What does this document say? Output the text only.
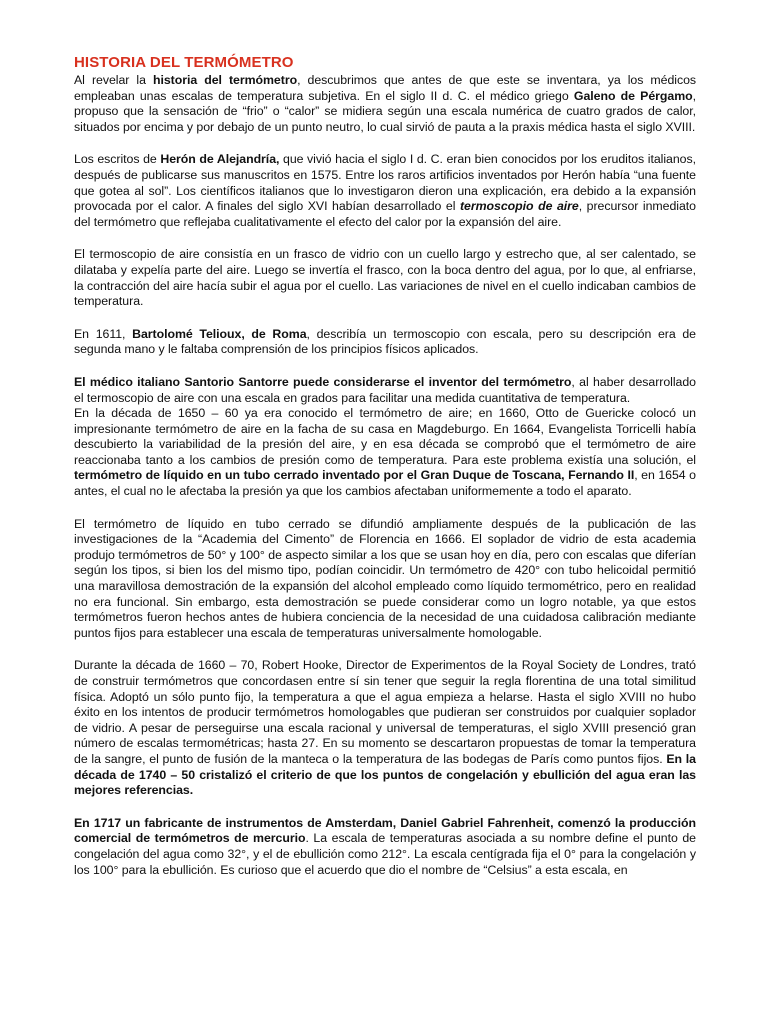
HISTORIA DEL TERMÓMETRO

Al revelar la historia del termómetro, descubrimos que antes de que este se inventara, ya los médicos empleaban unas escalas de temperatura subjetiva. En el siglo II d. C. el médico griego Galeno de Pérgamo, propuso que la sensación de “frio” o “calor” se midiera según una escala numérica de cuatro grados de calor, situados por encima y por debajo de un punto neutro, lo cual sirvió de pauta a la praxis médica hasta el siglo XVIII.

Los escritos de Herón de Alejandría, que vivió hacia el siglo I d. C. eran bien conocidos por los eruditos italianos, después de publicarse sus manuscritos en 1575. Entre los raros artificios inventados por Herón había “una fuente que gotea al sol”. Los científicos italianos que lo investigaron dieron una explicación, era debido a la expansión provocada por el calor. A finales del siglo XVI habían desarrollado el termoscopio de aire, precursor inmediato del termómetro que reflejaba cualitativamente el efecto del calor por la expansión del aire.

El termoscopio de aire consistía en un frasco de vidrio con un cuello largo y estrecho que, al ser calentado, se dilataba y expelía parte del aire. Luego se invertía el frasco, con la boca dentro del agua, por lo que, al enfriarse, la contracción del aire hacía subir el agua por el cuello. Las variaciones de nivel en el cuello indicaban cambios de temperatura.

En 1611, Bartolomé Telioux, de Roma, describía un termoscopio con escala, pero su descripción era de segunda mano y le faltaba comprensión de los principios físicos aplicados.

El médico italiano Santorio Santorre puede considerarse el inventor del termómetro, al haber desarrollado el termoscopio de aire con una escala en grados para facilitar una medida cuantitativa de temperatura.

En la década de 1650 – 60 ya era conocido el termómetro de aire; en 1660, Otto de Guericke colocó un impresionante termómetro de aire en la facha de su casa en Magdeburgo. En 1664, Evangelista Torricelli había descubierto la variabilidad de la presión del aire, y en esa década se comprobó que el termómetro de aire reaccionaba tanto a los cambios de presión como de temperatura. Para este problema existía una solución, el termómetro de líquido en un tubo cerrado inventado por el Gran Duque de Toscana, Fernando II, en 1654 o antes, el cual no le afectaba la presión ya que los cambios afectaban uniformemente a todo el aparato.

El termómetro de líquido en tubo cerrado se difundió ampliamente después de la publicación de las investigaciones de la “Academia del Cimento” de Florencia en 1666. El soplador de vidrio de esta academia produjo termómetros de 50° y 100° de aspecto similar a los que se usan hoy en día, pero con escalas que diferían según los tipos, si bien los del mismo tipo, podían coincidir. Un termómetro de 420° con tubo helicoidal permitió una maravillosa demostración de la expansión del alcohol empleado como líquido termométrico, pero en realidad no era funcional. Sin embargo, esta demostración se puede considerar como un logro notable, ya que estos termómetros fueron hechos antes de hubiera conciencia de la necesidad de una cuidadosa calibración mediante puntos fijos para establecer una escala de temperaturas universalmente homologable.

Durante la década de 1660 – 70, Robert Hooke, Director de Experimentos de la Royal Society de Londres, trató de construir termómetros que concordasen entre sí sin tener que seguir la regla florentina de una total similitud física. Adoptó un sólo punto fijo, la temperatura a que el agua empieza a helarse. Hasta el siglo XVIII no hubo éxito en los intentos de producir termómetros homologables que pudieran ser construidos por cualquier soplador de vidrio. A pesar de perseguirse una escala racional y universal de temperaturas, el siglo XVIII presenció gran número de escalas termométricas; hasta 27. En su momento se descartaron propuestas de tomar la temperatura de la sangre, el punto de fusión de la manteca o la temperatura de las bodegas de París como puntos fijos. En la década de 1740 – 50 cristalizó el criterio de que los puntos de congelación y ebullición del agua eran las mejores referencias.

En 1717 un fabricante de instrumentos de Amsterdam, Daniel Gabriel Fahrenheit, comenzó la producción comercial de termómetros de mercurio. La escala de temperaturas asociada a su nombre define el punto de congelación del agua como 32°, y el de ebullición como 212°. La escala centígrada fija el 0° para la congelación y los 100° para la ebullición. Es curioso que el acuerdo que dio el nombre de “Celsius” a esta escala, en
